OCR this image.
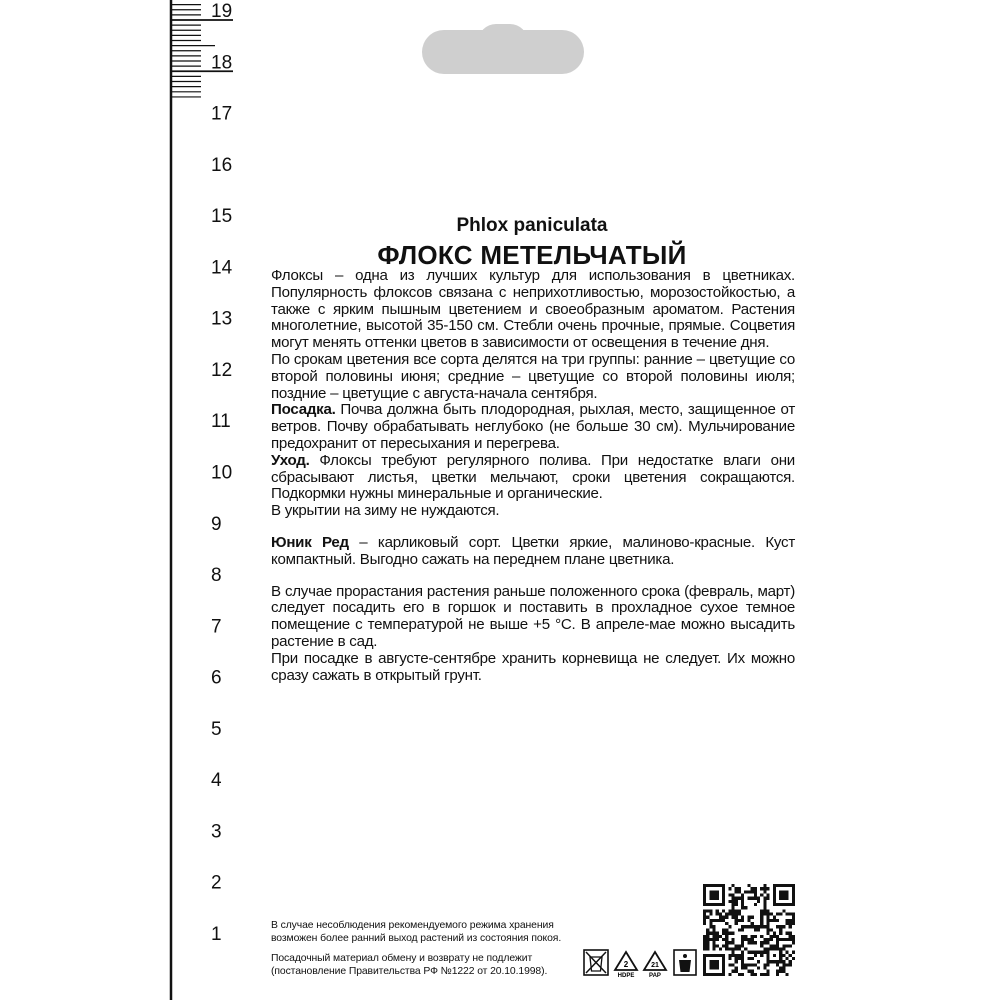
19
18
17
16
15
14
13
12
11
10
9
8
7
6
5
4
3
2
1
Phlox paniculata
ФЛОКС МЕТЕЛЬЧАТЫЙ

Флоксы – одна из лучших культур для использования в цветниках. Популярность флоксов связана с неприхотливостью, морозостойкостью, а также с ярким пышным цветением и своеобразным ароматом. Растения многолетние, высотой 35-150 см. Стебли очень прочные, прямые. Соцветия могут менять оттенки цветов в зависимости от освещения в течение дня.

По срокам цветения все сорта делятся на три группы: ранние – цветущие со второй половины июня; средние – цветущие со второй половины июля; поздние – цветущие с августа-начала сентября.

Посадка. Почва должна быть плодородная, рыхлая, место, защищенное от ветров. Почву обрабатывать неглубоко (не больше 30 см). Мульчирование предохранит от пересыхания и перегрева.

Уход. Флоксы требуют регулярного полива. При недостатке влаги они сбрасывают листья, цветки мельчают, сроки цветения сокращаются. Подкормки нужны минеральные и органические.

В укрытии на зиму не нуждаются.

Юник Ред – карликовый сорт. Цветки яркие, малиново-красные. Куст компактный. Выгодно сажать на переднем плане цветника.

В случае прорастания растения раньше положенного срока (февраль, март) следует посадить его в горшок и поставить в прохладное сухое темное помещение с температурой не выше +5 °С. В апреле-мае можно высадить растение в сад.

При посадке в августе-сентябре хранить корневища не следует. Их можно сразу сажать в открытый грунт.

В случае несоблюдения рекомендуемого режима хранения возможен более ранний выход растений из состояния покоя.
Посадочный материал обмену и возврату не подлежит (постановление Правительства РФ №1222 от 20.10.1998).
2
HDPE
21
PAP
